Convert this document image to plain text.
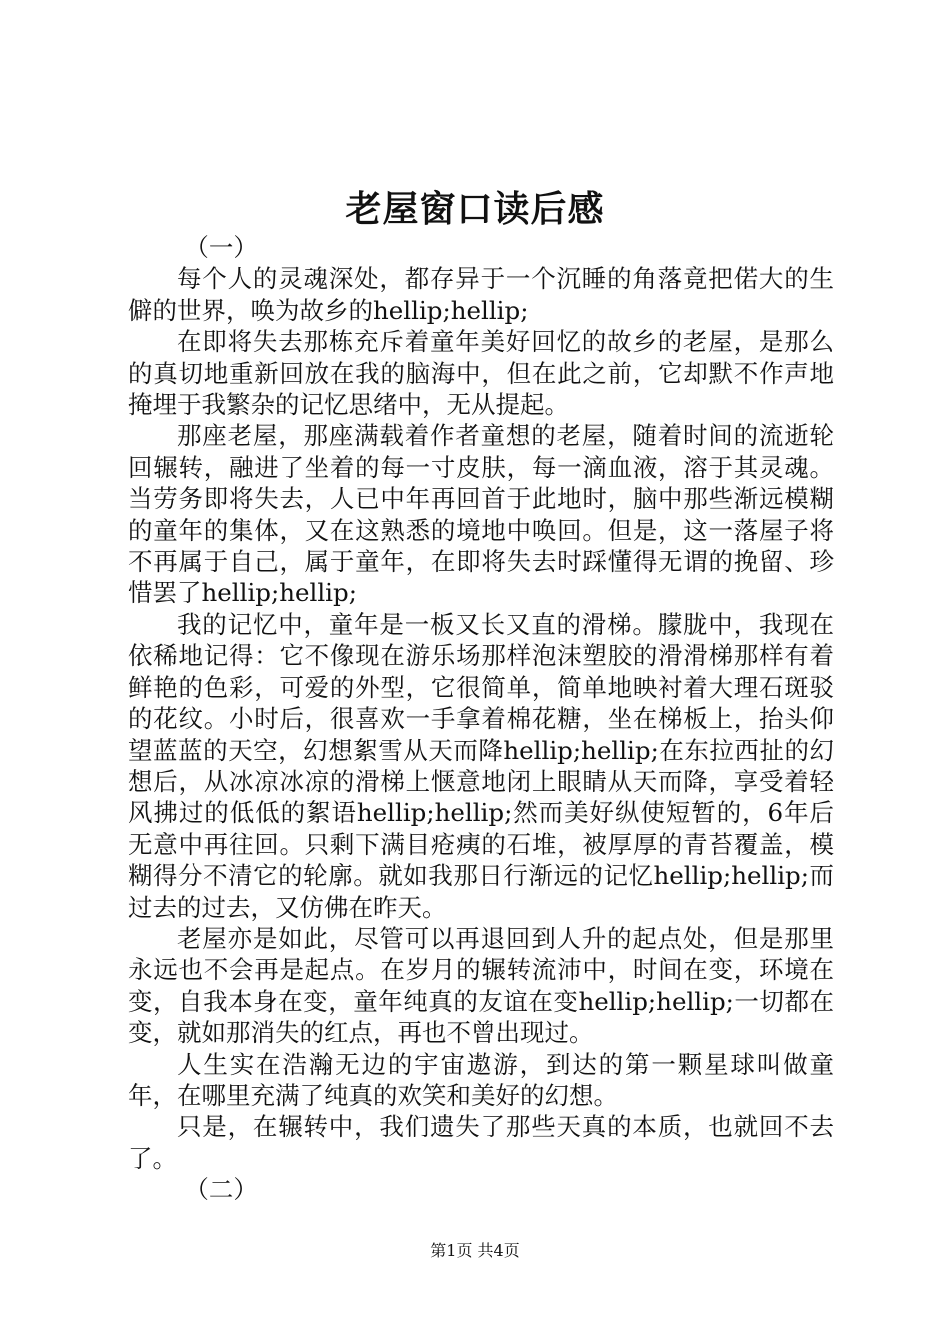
老屋窗口读后感

（一）

每个人的灵魂深处，都存异于一个沉睡的角落竟把偌大的生僻的世界，唤为故乡的hellip;hellip;

在即将失去那栋充斥着童年美好回忆的故乡的老屋，是那么的真切地重新回放在我的脑海中，但在此之前，它却默不作声地掩埋于我繁杂的记忆思绪中，无从提起。

那座老屋，那座满载着作者童想的老屋，随着时间的流逝轮回辗转，融进了坐着的每一寸皮肤，每一滴血液，溶于其灵魂。当劳务即将失去，人已中年再回首于此地时，脑中那些渐远模糊的童年的集体，又在这熟悉的境地中唤回。但是，这一落屋子将不再属于自己，属于童年，在即将失去时踩懂得无谓的挽留、珍惜罢了hellip;hellip;

我的记忆中，童年是一板又长又直的滑梯。朦胧中，我现在依稀地记得：它不像现在游乐场那样泡沫塑胶的滑滑梯那样有着鲜艳的色彩，可爱的外型，它很简单，简单地映衬着大理石斑驳的花纹。小时后，很喜欢一手拿着棉花糖，坐在梯板上，抬头仰望蓝蓝的天空，幻想絮雪从天而降hellip;hellip;在东拉西扯的幻想后，从冰凉冰凉的滑梯上惬意地闭上眼睛从天而降，享受着轻风拂过的低低的絮语hellip;hellip;然而美好纵使短暂的，6年后无意中再往回。只剩下满目疮痍的石堆，被厚厚的青苔覆盖，模糊得分不清它的轮廓。就如我那日行渐远的记忆hellip;hellip;而过去的过去，又仿佛在昨天。

老屋亦是如此，尽管可以再退回到人升的起点处，但是那里永远也不会再是起点。在岁月的辗转流沛中，时间在变，环境在变，自我本身在变，童年纯真的友谊在变hellip;hellip;一切都在变，就如那消失的红点，再也不曾出现过。

人生实在浩瀚无边的宇宙遨游，到达的第一颗星球叫做童年，在哪里充满了纯真的欢笑和美好的幻想。

只是，在辗转中，我们遗失了那些天真的本质，也就回不去了。

（二）

第1页 共4页
